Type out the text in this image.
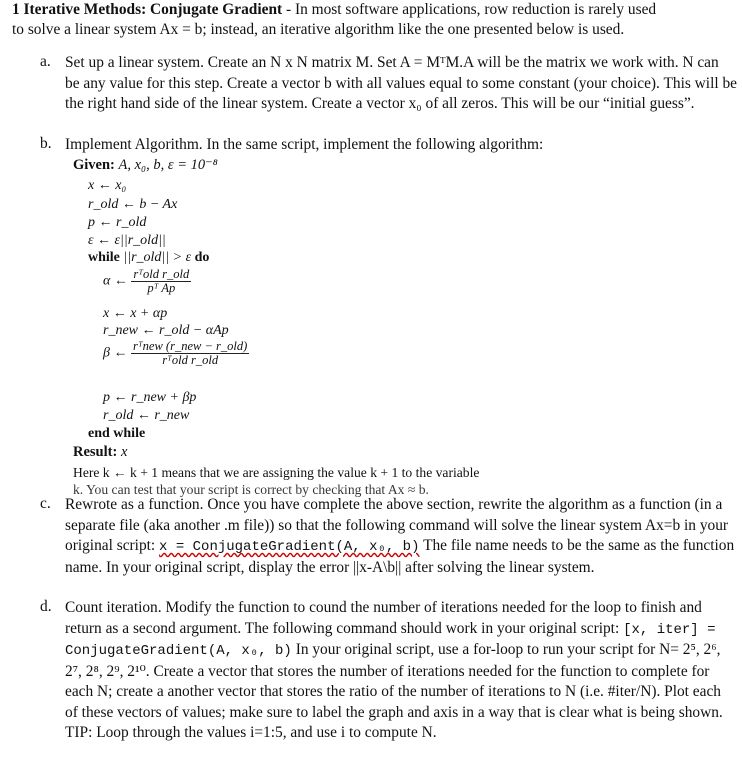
1 Iterative Methods: Conjugate Gradient - In most software applications, row reduction is rarely used
to solve a linear system Ax = b; instead, an iterative algorithm like the one presented below is used.
a. Set up a linear system. Create an N x N matrix M. Set A = MᵀM.A will be the matrix we work with. N can be any value for this step. Create a vector b with all values equal to some constant (your choice). This will be the right hand side of the linear system. Create a vector x₀ of all zeros. This will be our “initial guess”.
b. Implement Algorithm. In the same script, implement the following algorithm:
Given: A, x₀, b, ε = 10⁻⁸
x ← x₀
r_old ← b − Ax
p ← r_old
ε ← ε||r_old||
while ||r_old|| > ε do
α ← $\frac{\text{rᵀold r\_old}}{\text{pᵀ Ap}}$
x ← x + αp
r_new ← r_old − αAp
β ← $\frac{\text{rᵀnew (r\_new − r\_old)}}{\text{rᵀold r\_old}}$
p ← r_new + βp
r_old ← r_new
end while
Result: x
Here k ← k + 1 means that we are assigning the value k + 1 to the variable
k. You can test that your script is correct by checking that Ax ≈ b.
c. Rewrote as a function. Once you have complete the above section, rewrite the algorithm as a function (in a separate file (aka another .m file)) so that the following command will solve the linear system Ax=b in your original script: x = ConjugateGradient(A, x₀, b) The file name needs to be the same as the function name. In your original script, display the error ||x-A\b|| after solving the linear system.
d. Count iteration. Modify the function to cound the number of iterations needed for the loop to finish and return as a second argument. The following command should work in your original script: [x, iter] = ConjugateGradient(A, x₀, b) In your original script, use a for-loop to run your script for N= 2⁵, 2⁶, 2⁷, 2⁸, 2⁹, 2¹⁰. Create a vector that stores the number of iterations needed for the function to complete for each N; create a another vector that stores the ratio of the number of iterations to N (i.e. #iter/N). Plot each of these vectors of values; make sure to label the graph and axis in a way that is clear what is being shown. TIP: Loop through the values i=1:5, and use i to compute N.
